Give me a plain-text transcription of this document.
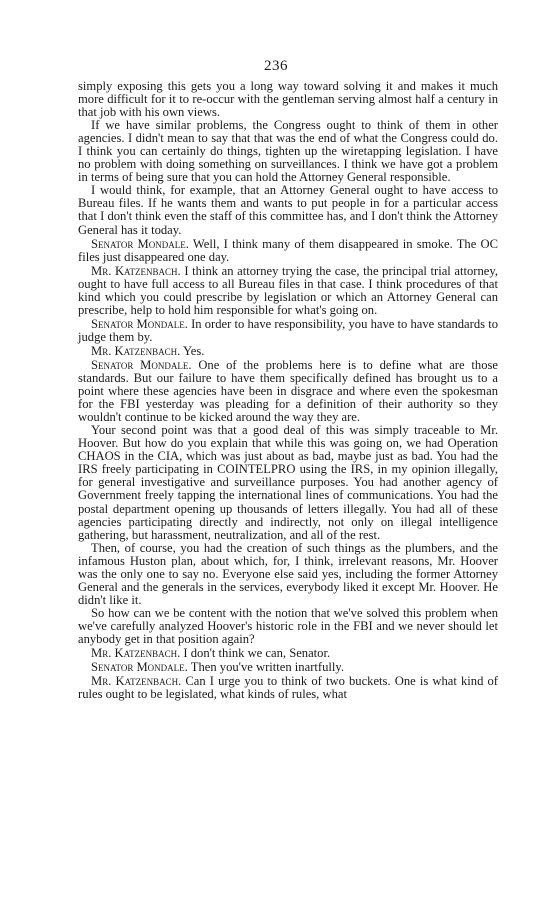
236

simply exposing this gets you a long way toward solving it and makes it much more difficult for it to re-occur with the gentleman serving almost half a century in that job with his own views.

If we have similar problems, the Congress ought to think of them in other agencies. I didn't mean to say that that was the end of what the Congress could do. I think you can certainly do things, tighten up the wiretapping legislation. I have no problem with doing something on surveillances. I think we have got a problem in terms of being sure that you can hold the Attorney General responsible.

I would think, for example, that an Attorney General ought to have access to Bureau files. If he wants them and wants to put people in for a particular access that I don't think even the staff of this committee has, and I don't think the Attorney General has it today.

Senator Mondale. Well, I think many of them disappeared in smoke. The OC files just disappeared one day.

Mr. Katzenbach. I think an attorney trying the case, the principal trial attorney, ought to have full access to all Bureau files in that case. I think procedures of that kind which you could prescribe by legislation or which an Attorney General can prescribe, help to hold him responsible for what's going on.

Senator Mondale. In order to have responsibility, you have to have standards to judge them by.

Mr. Katzenbach. Yes.

Senator Mondale. One of the problems here is to define what are those standards. But our failure to have them specifically defined has brought us to a point where these agencies have been in disgrace and where even the spokesman for the FBI yesterday was pleading for a definition of their authority so they wouldn't continue to be kicked around the way they are.

Your second point was that a good deal of this was simply traceable to Mr. Hoover. But how do you explain that while this was going on, we had Operation CHAOS in the CIA, which was just about as bad, maybe just as bad. You had the IRS freely participating in COINTELPRO using the IRS, in my opinion illegally, for general investigative and surveillance purposes. You had another agency of Government freely tapping the international lines of communications. You had the postal department opening up thousands of letters illegally. You had all of these agencies participating directly and indirectly, not only on illegal intelligence gathering, but harassment, neutralization, and all of the rest.

Then, of course, you had the creation of such things as the plumbers, and the infamous Huston plan, about which, for, I think, irrelevant reasons, Mr. Hoover was the only one to say no. Everyone else said yes, including the former Attorney General and the generals in the services, everybody liked it except Mr. Hoover. He didn't like it.

So how can we be content with the notion that we've solved this problem when we've carefully analyzed Hoover's historic role in the FBI and we never should let anybody get in that position again?

Mr. Katzenbach. I don't think we can, Senator.

Senator Mondale. Then you've written inartfully.

Mr. Katzenbach. Can I urge you to think of two buckets. One is what kind of rules ought to be legislated, what kinds of rules, what
